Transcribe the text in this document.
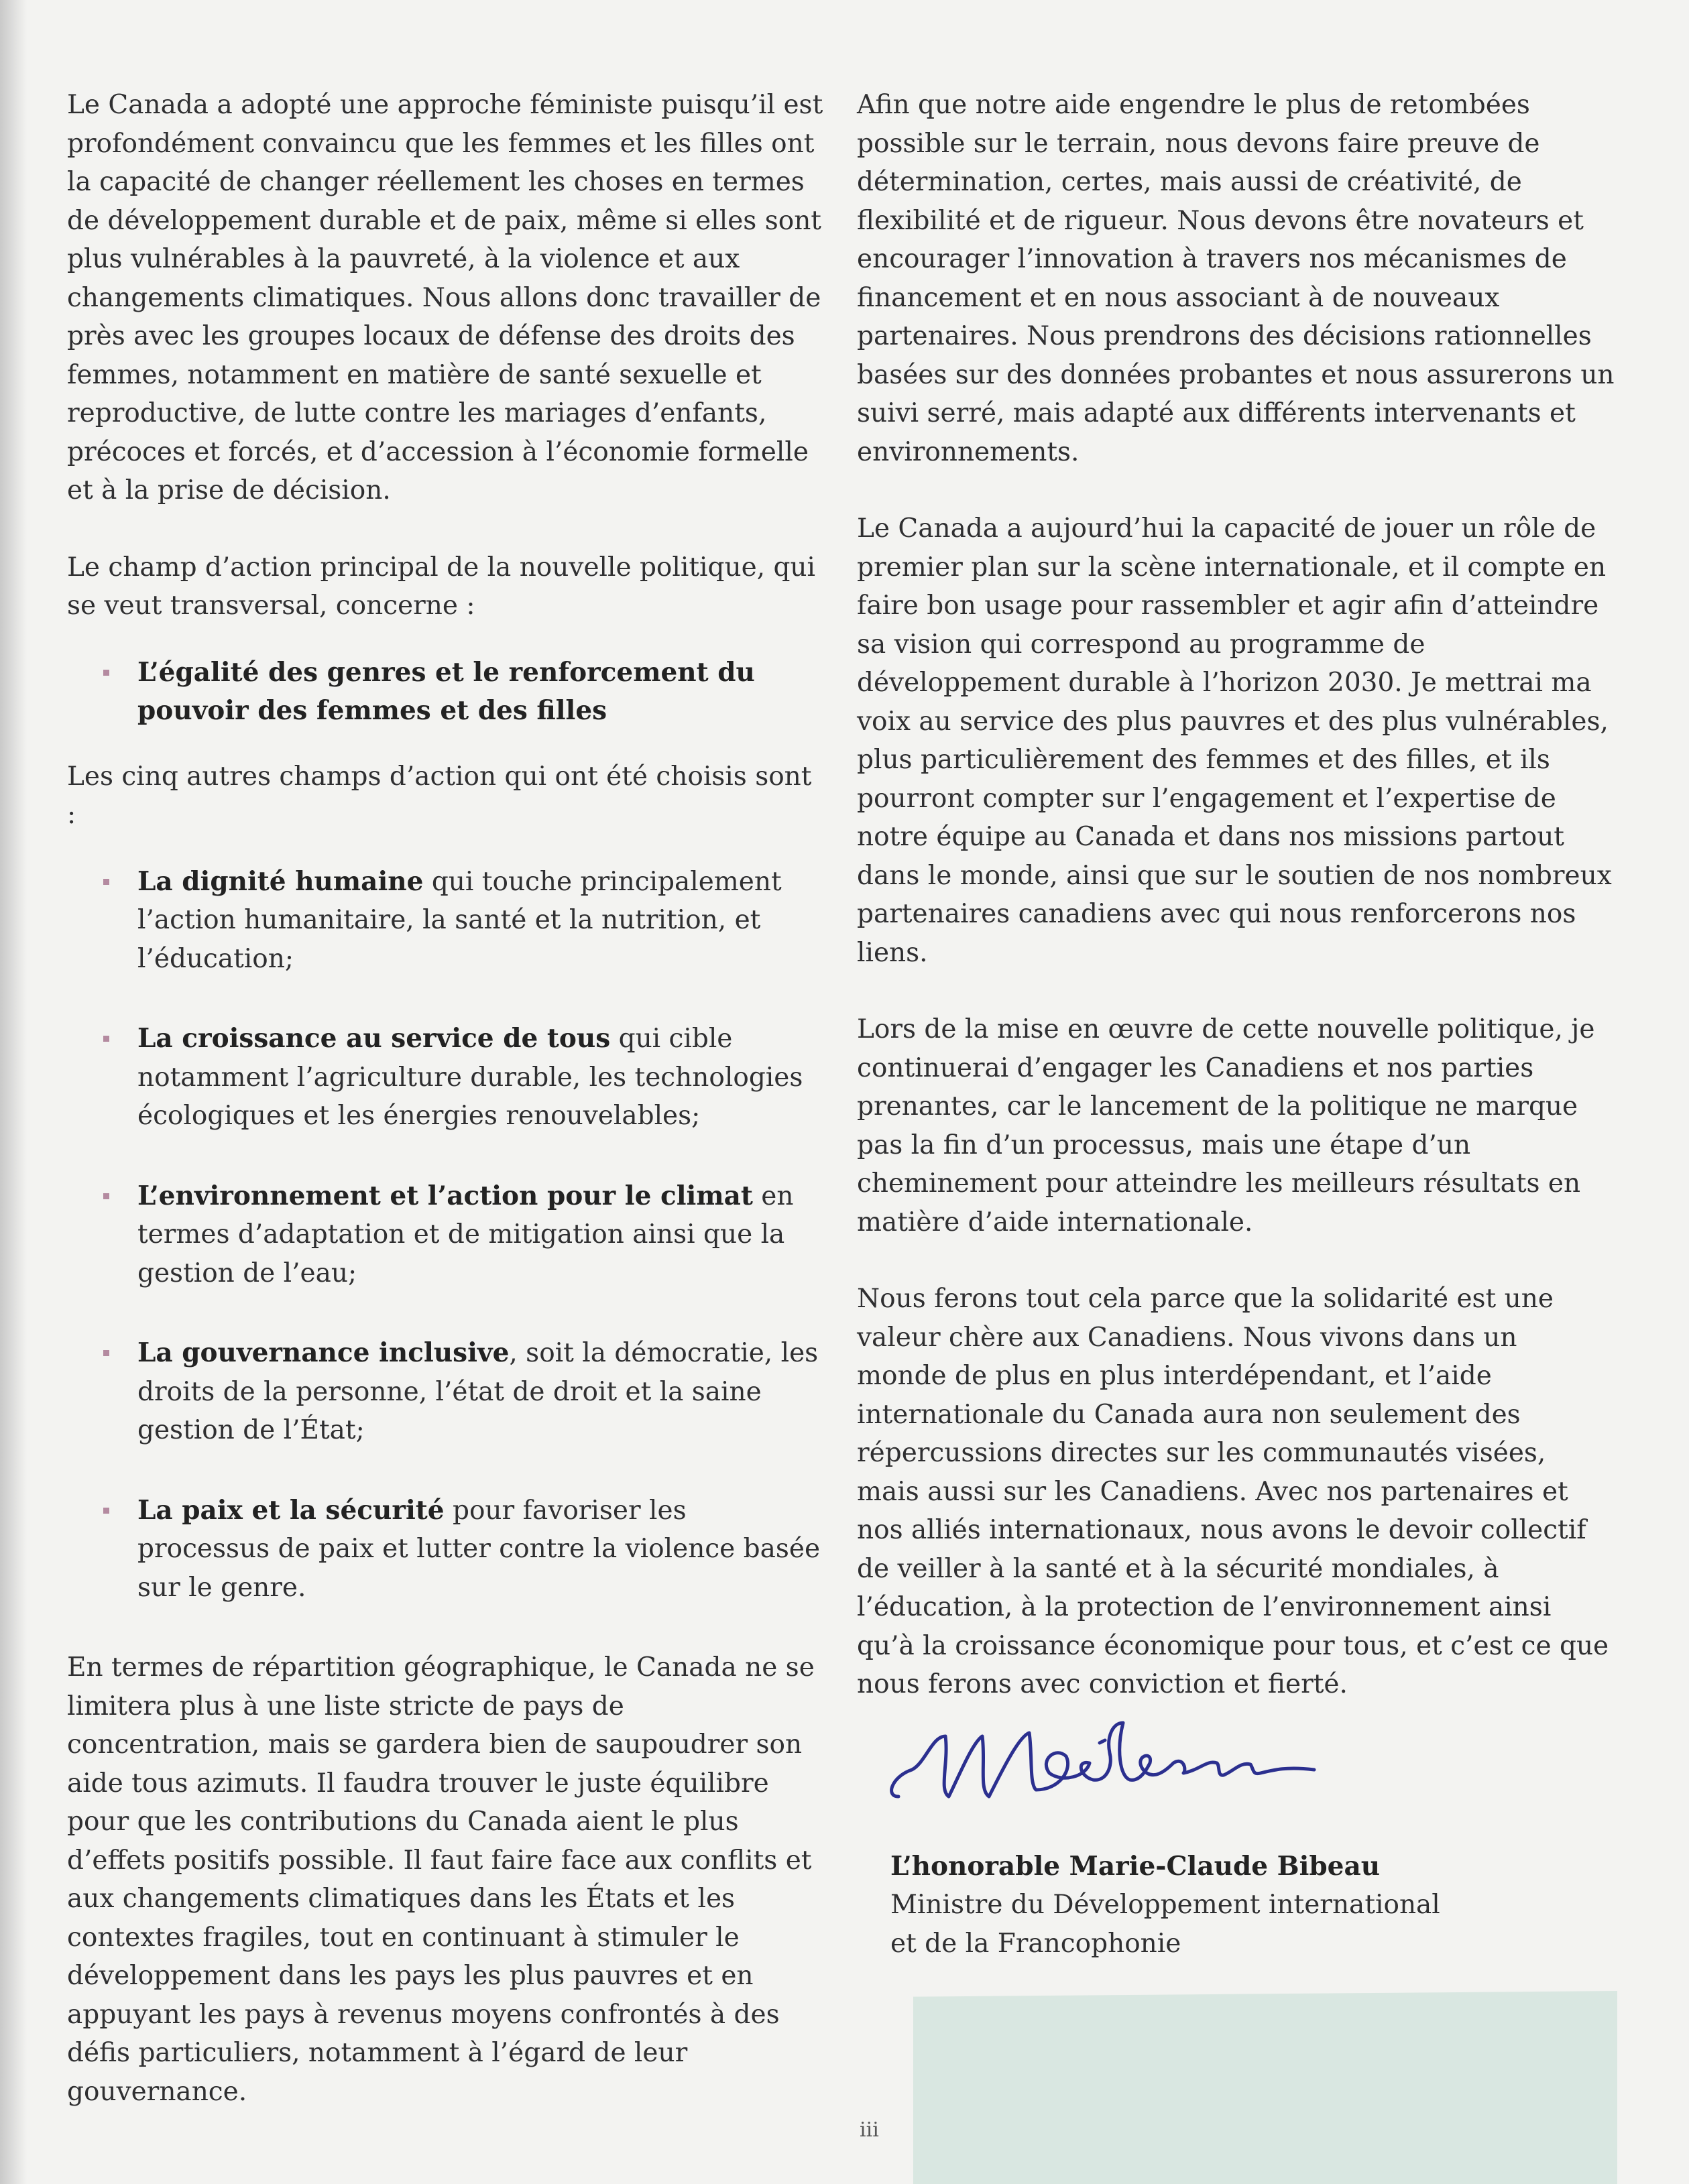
Le Canada a adopté une approche féministe puisqu’il est profondément convaincu que les femmes et les filles ont la capacité de changer réellement les choses en termes de développement durable et de paix, même si elles sont plus vulnérables à la pauvreté, à la violence et aux changements climatiques. Nous allons donc travailler de près avec les groupes locaux de défense des droits des femmes, notamment en matière de santé sexuelle et reproductive, de lutte contre les mariages d’enfants, précoces et forcés, et d’accession à l’économie formelle et à la prise de décision.

Le champ d’action principal de la nouvelle politique, qui se veut transversal, concerne :

L’égalité des genres et le renforcement du pouvoir des femmes et des filles

Les cinq autres champs d’action qui ont été choisis sont :

La dignité humaine qui touche principalement l’action humanitaire, la santé et la nutrition, et l’éducation;
La croissance au service de tous qui cible notamment l’agriculture durable, les technologies écologiques et les énergies renouvelables;
L’environnement et l’action pour le climat en termes d’adaptation et de mitigation ainsi que la gestion de l’eau;
La gouvernance inclusive, soit la démocratie, les droits de la personne, l’état de droit et la saine gestion de l’État;
La paix et la sécurité pour favoriser les processus de paix et lutter contre la violence basée sur le genre.

En termes de répartition géographique, le Canada ne se limitera plus à une liste stricte de pays de concentration, mais se gardera bien de saupoudrer son aide tous azimuts. Il faudra trouver le juste équilibre pour que les contributions du Canada aient le plus d’effets positifs possible. Il faut faire face aux conflits et aux changements climatiques dans les États et les contextes fragiles, tout en continuant à stimuler le développement dans les pays les plus pauvres et en appuyant les pays à revenus moyens confrontés à des défis particuliers, notamment à l’égard de leur gouvernance.

Afin que notre aide engendre le plus de retombées possible sur le terrain, nous devons faire preuve de détermination, certes, mais aussi de créativité, de flexibilité et de rigueur. Nous devons être novateurs et encourager l’innovation à travers nos mécanismes de financement et en nous associant à de nouveaux partenaires. Nous prendrons des décisions rationnelles basées sur des données probantes et nous assurerons un suivi serré, mais adapté aux différents intervenants et environnements.

Le Canada a aujourd’hui la capacité de jouer un rôle de premier plan sur la scène internationale, et il compte en faire bon usage pour rassembler et agir afin d’atteindre sa vision qui correspond au programme de développement durable à l’horizon 2030. Je mettrai ma voix au service des plus pauvres et des plus vulnérables, plus particulièrement des femmes et des filles, et ils pourront compter sur l’engagement et l’expertise de notre équipe au Canada et dans nos missions partout dans le monde, ainsi que sur le soutien de nos nombreux partenaires canadiens avec qui nous renforcerons nos liens.

Lors de la mise en œuvre de cette nouvelle politique, je continuerai d’engager les Canadiens et nos parties prenantes, car le lancement de la politique ne marque pas la fin d’un processus, mais une étape d’un cheminement pour atteindre les meilleurs résultats en matière d’aide internationale.

Nous ferons tout cela parce que la solidarité est une valeur chère aux Canadiens. Nous vivons dans un monde de plus en plus interdépendant, et l’aide internationale du Canada aura non seulement des répercussions directes sur les communautés visées, mais aussi sur les Canadiens. Avec nos partenaires et nos alliés internationaux, nous avons le devoir collectif de veiller à la santé et à la sécurité mondiales, à l’éducation, à la protection de l’environnement ainsi qu’à la croissance économique pour tous, et c’est ce que nous ferons avec conviction et fierté.

L’honorable Marie-Claude Bibeau
Ministre du Développement international
et de la Francophonie
iii
